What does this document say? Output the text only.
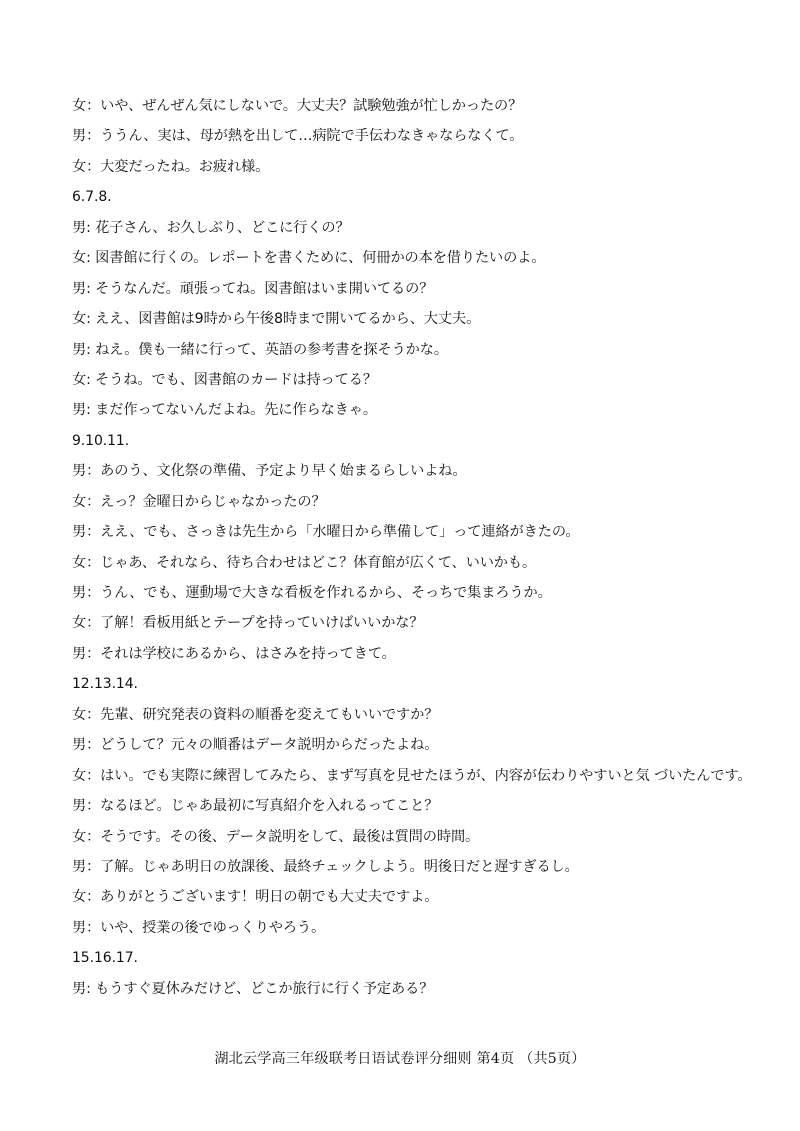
女：いや、ぜんぜん気にしないで。大丈夫？試験勉強が忙しかったの？
男：ううん、実は、母が熱を出して…病院で手伝わなきゃならなくて。
女：大変だったね。お疲れ様。
6.7.8.
男: 花子さん、お久しぶり、どこに行くの？
女: 図書館に行くの。レポートを書くために、何冊かの本を借りたいのよ。
男: そうなんだ。頑張ってね。図書館はいま開いてるの？
女: ええ、図書館は9時から午後8時まで開いてるから、大丈夫。
男: ねえ。僕も一緒に行って、英語の参考書を探そうかな。
女: そうね。でも、図書館のカードは持ってる？
男: まだ作ってないんだよね。先に作らなきゃ。
9.10.11.
男：あのう、文化祭の準備、予定より早く始まるらしいよね。
女：えっ？金曜日からじゃなかったの？
男：ええ、でも、さっきは先生から「水曜日から準備して」って連絡がきたの。
女：じゃあ、それなら、待ち合わせはどこ？体育館が広くて、いいかも。
男：うん、でも、運動場で大きな看板を作れるから、そっちで集まろうか。
女：了解！看板用紙とテープを持っていけばいいかな？
男：それは学校にあるから、はさみを持ってきて。
12.13.14.
女：先輩、研究発表の資料の順番を変えてもいいですか？
男：どうして？元々の順番はデータ説明からだったよね。
女：はい。でも実際に練習してみたら、まず写真を見せたほうが、内容が伝わりやすいと気 づいたんです。
男：なるほど。じゃあ最初に写真紹介を入れるってこと？
女：そうです。その後、データ説明をして、最後は質問の時間。
男：了解。じゃあ明日の放課後、最終チェックしよう。明後日だと遅すぎるし。
女：ありがとうございます！明日の朝でも大丈夫ですよ。
男：いや、授業の後でゆっくりやろう。
15.16.17.
男: もうすぐ夏休みだけど、どこか旅行に行く予定ある？
湖北云学高三年级联考日语试卷评分细则 第4页 （共5页）
